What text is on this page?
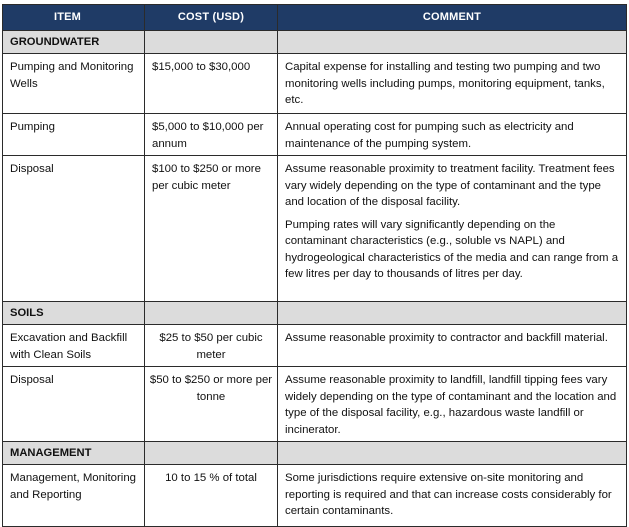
ITEM	COST (USD)	COMMENT
GROUNDWATER		
Pumping and Monitoring Wells	$15,000 to $30,000	Capital expense for installing and testing two pumping and two monitoring wells including pumps, monitoring equipment, tanks, etc.

Pumping	$5,000 to $10,000 per annum	Annual operating cost for pumping such as electricity and maintenance of the pumping system.

Disposal	$100 to $250 or more per cubic meter	Assume reasonable proximity to treatment facility. Treatment fees vary widely depending on the type of contaminant and the type and location of the disposal facility.

Pumping rates will vary significantly depending on the contaminant characteristics (e.g., soluble vs NAPL) and hydrogeological characteristics of the media and can range from a few litres per day to thousands of litres per day.

SOILS		
Excavation and Backfill with Clean Soils	$25 to $50 per cubic meter	Assume reasonable proximity to contractor and backfill material.

Disposal	$50 to $250 or more per tonne	Assume reasonable proximity to landfill, landfill tipping fees vary widely depending on the type of contaminant and the location and type of the disposal facility, e.g., hazardous waste landfill or incinerator.

MANAGEMENT		
Management, Monitoring and Reporting	10 to 15 % of total	Some jurisdictions require extensive on-site monitoring and reporting is required and that can increase costs considerably for certain contaminants.
